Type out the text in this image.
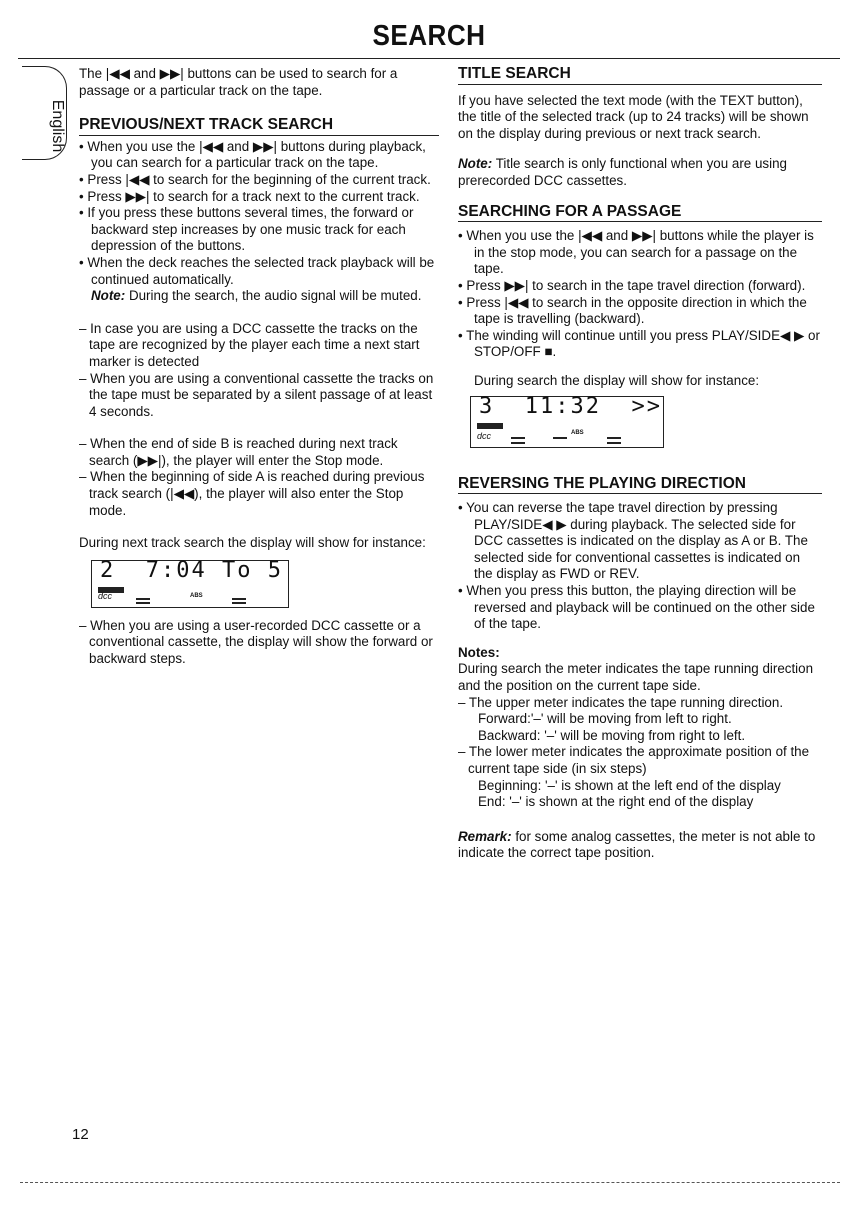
SEARCH
English

The |◀◀ and ▶▶| buttons can be used to search for a passage or a particular track on the tape.

PREVIOUS/NEXT TRACK SEARCH

• When you use the |◀◀ and ▶▶| buttons during playback, you can search for a particular track on the tape.

• Press |◀◀ to search for the beginning of the current track.

• Press ▶▶| to search for a track next to the current track.

• If you press these buttons several times, the forward or backward step increases by one music track for each depression of the buttons.

• When the deck reaches the selected track playback will be continued automatically.

Note: During the search, the audio signal will be muted.

– In case you are using a DCC cassette the tracks on the tape are recognized by the player each time a next start marker is detected

– When you are using a conventional cassette the tracks on the tape must be separated by a silent passage of at least 4 seconds.

– When the end of side B is reached during next track search (▶▶|), the player will enter the Stop mode.

– When the beginning of side A is reached during previous track search (|◀◀), the player will also enter the Stop mode.

During next track search the display will show for instance:

2  7:04 To 5
ABS
dcc

– When you are using a user-recorded DCC cassette or a conventional cassette, the display will show the forward or backward steps.

TITLE SEARCH

If you have selected the text mode (with the TEXT button), the title of the selected track (up to 24 tracks) will be shown on the display during previous or next track search.

Note: Title search is only functional when you are using prerecorded DCC cassettes.

SEARCHING FOR A PASSAGE

• When you use the |◀◀ and ▶▶| buttons while the player is in the stop mode, you can search for a passage on the tape.

• Press ▶▶| to search in the tape travel direction (forward).

• Press |◀◀ to search in the opposite direction in which the tape is travelling (backward).

• The winding will continue untill you press PLAY/SIDE◀ ▶ or STOP/OFF ■.

During search the display will show for instance:

3  11:32  >>
ABS
dcc
REVERSING THE PLAYING DIRECTION

• You can reverse the tape travel direction by pressing PLAY/SIDE◀ ▶ during playback. The selected side for DCC cassettes is indicated on the display as A or B. The selected side for conventional cassettes is indicated on the display as FWD or REV.

• When you press this button, the playing direction will be reversed and playback will be continued on the other side of the tape.

Notes:

During search the meter indicates the tape running direction and the position on the current tape side.

– The upper meter indicates the tape running direction.

Forward:'–' will be moving from left to right.

Backward: '–' will be moving from right to left.

– The lower meter indicates the approximate position of the current tape side (in six steps)

Beginning: '–' is shown at the left end of the display

End: '–' is shown at the right end of the display

Remark: for some analog cassettes, the meter is not able to indicate the correct tape position.

12
